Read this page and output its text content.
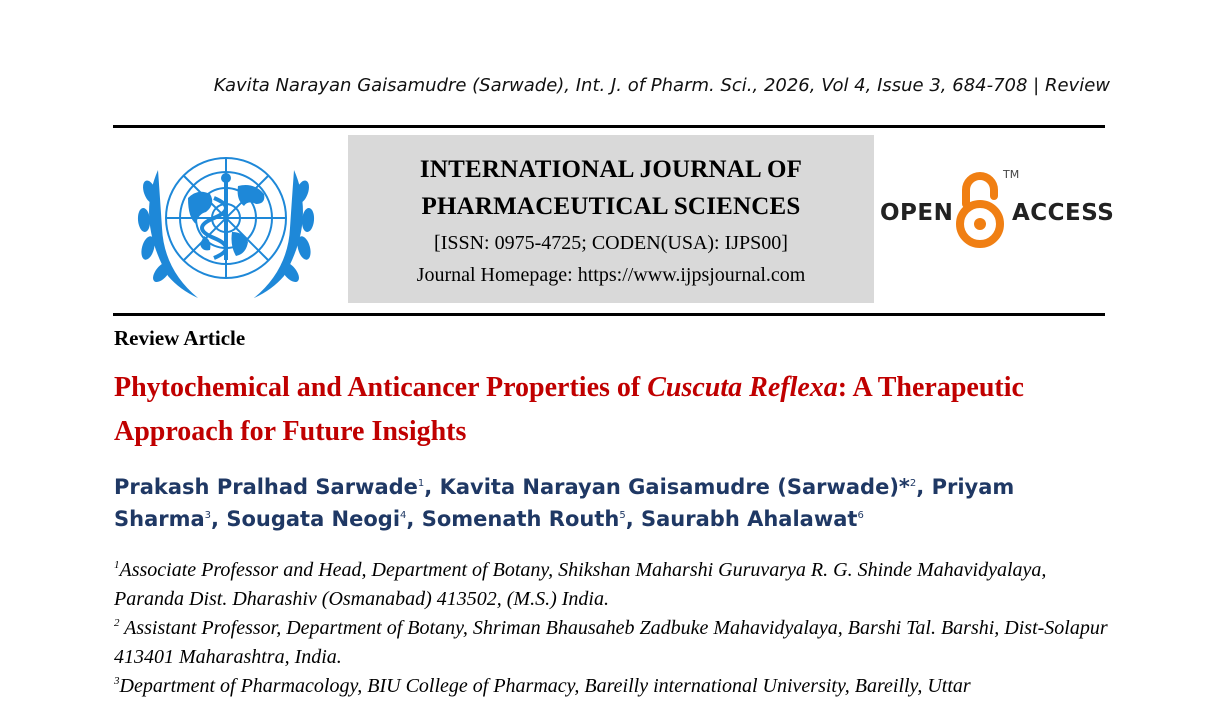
Kavita Narayan Gaisamudre (Sarwade), Int. J. of Pharm. Sci., 2026, Vol 4, Issue 3, 684-708 | Review
INTERNATIONAL JOURNAL OF
PHARMACEUTICAL SCIENCES
[ISSN: 0975-4725; CODEN(USA): IJPS00]
Journal Homepage: https://www.ijpsjournal.com
OPEN
TM
ACCESS
Review Article
Phytochemical and Anticancer Properties of Cuscuta Reflexa: A Therapeutic Approach for Future Insights
Prakash Pralhad Sarwade$^1$, Kavita Narayan Gaisamudre (Sarwade)*$^2$, Priyam Sharma$^3$, Sougata Neogi$^4$, Somenath Routh$^5$, Saurabh Ahalawat$^6$
$^1$Associate Professor and Head, Department of Botany, Shikshan Maharshi Guruvarya R. G. Shinde Mahavidyalaya, Paranda Dist. Dharashiv (Osmanabad) 413502, (M.S.) India.
$^2$ Assistant Professor, Department of Botany, Shriman Bhausaheb Zadbuke Mahavidyalaya, Barshi Tal. Barshi, Dist-Solapur 413401 Maharashtra, India.
$^3$Department of Pharmacology, BIU College of Pharmacy, Bareilly international University, Bareilly, Uttar
